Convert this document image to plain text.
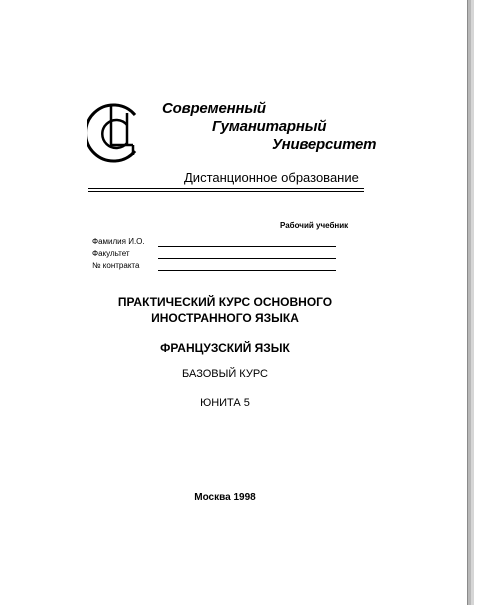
Современный
Гуманитарный
Университет
Дистанционное образование
Рабочий учебник
Фамилия И.О.
Факультет
№ контракта
ПРАКТИЧЕСКИЙ КУРС ОСНОВНОГО
ИНОСТРАННОГО ЯЗЫКА
ФРАНЦУЗСКИЙ ЯЗЫК
БАЗОВЫЙ КУРС
ЮНИТА 5
Москва 1998
